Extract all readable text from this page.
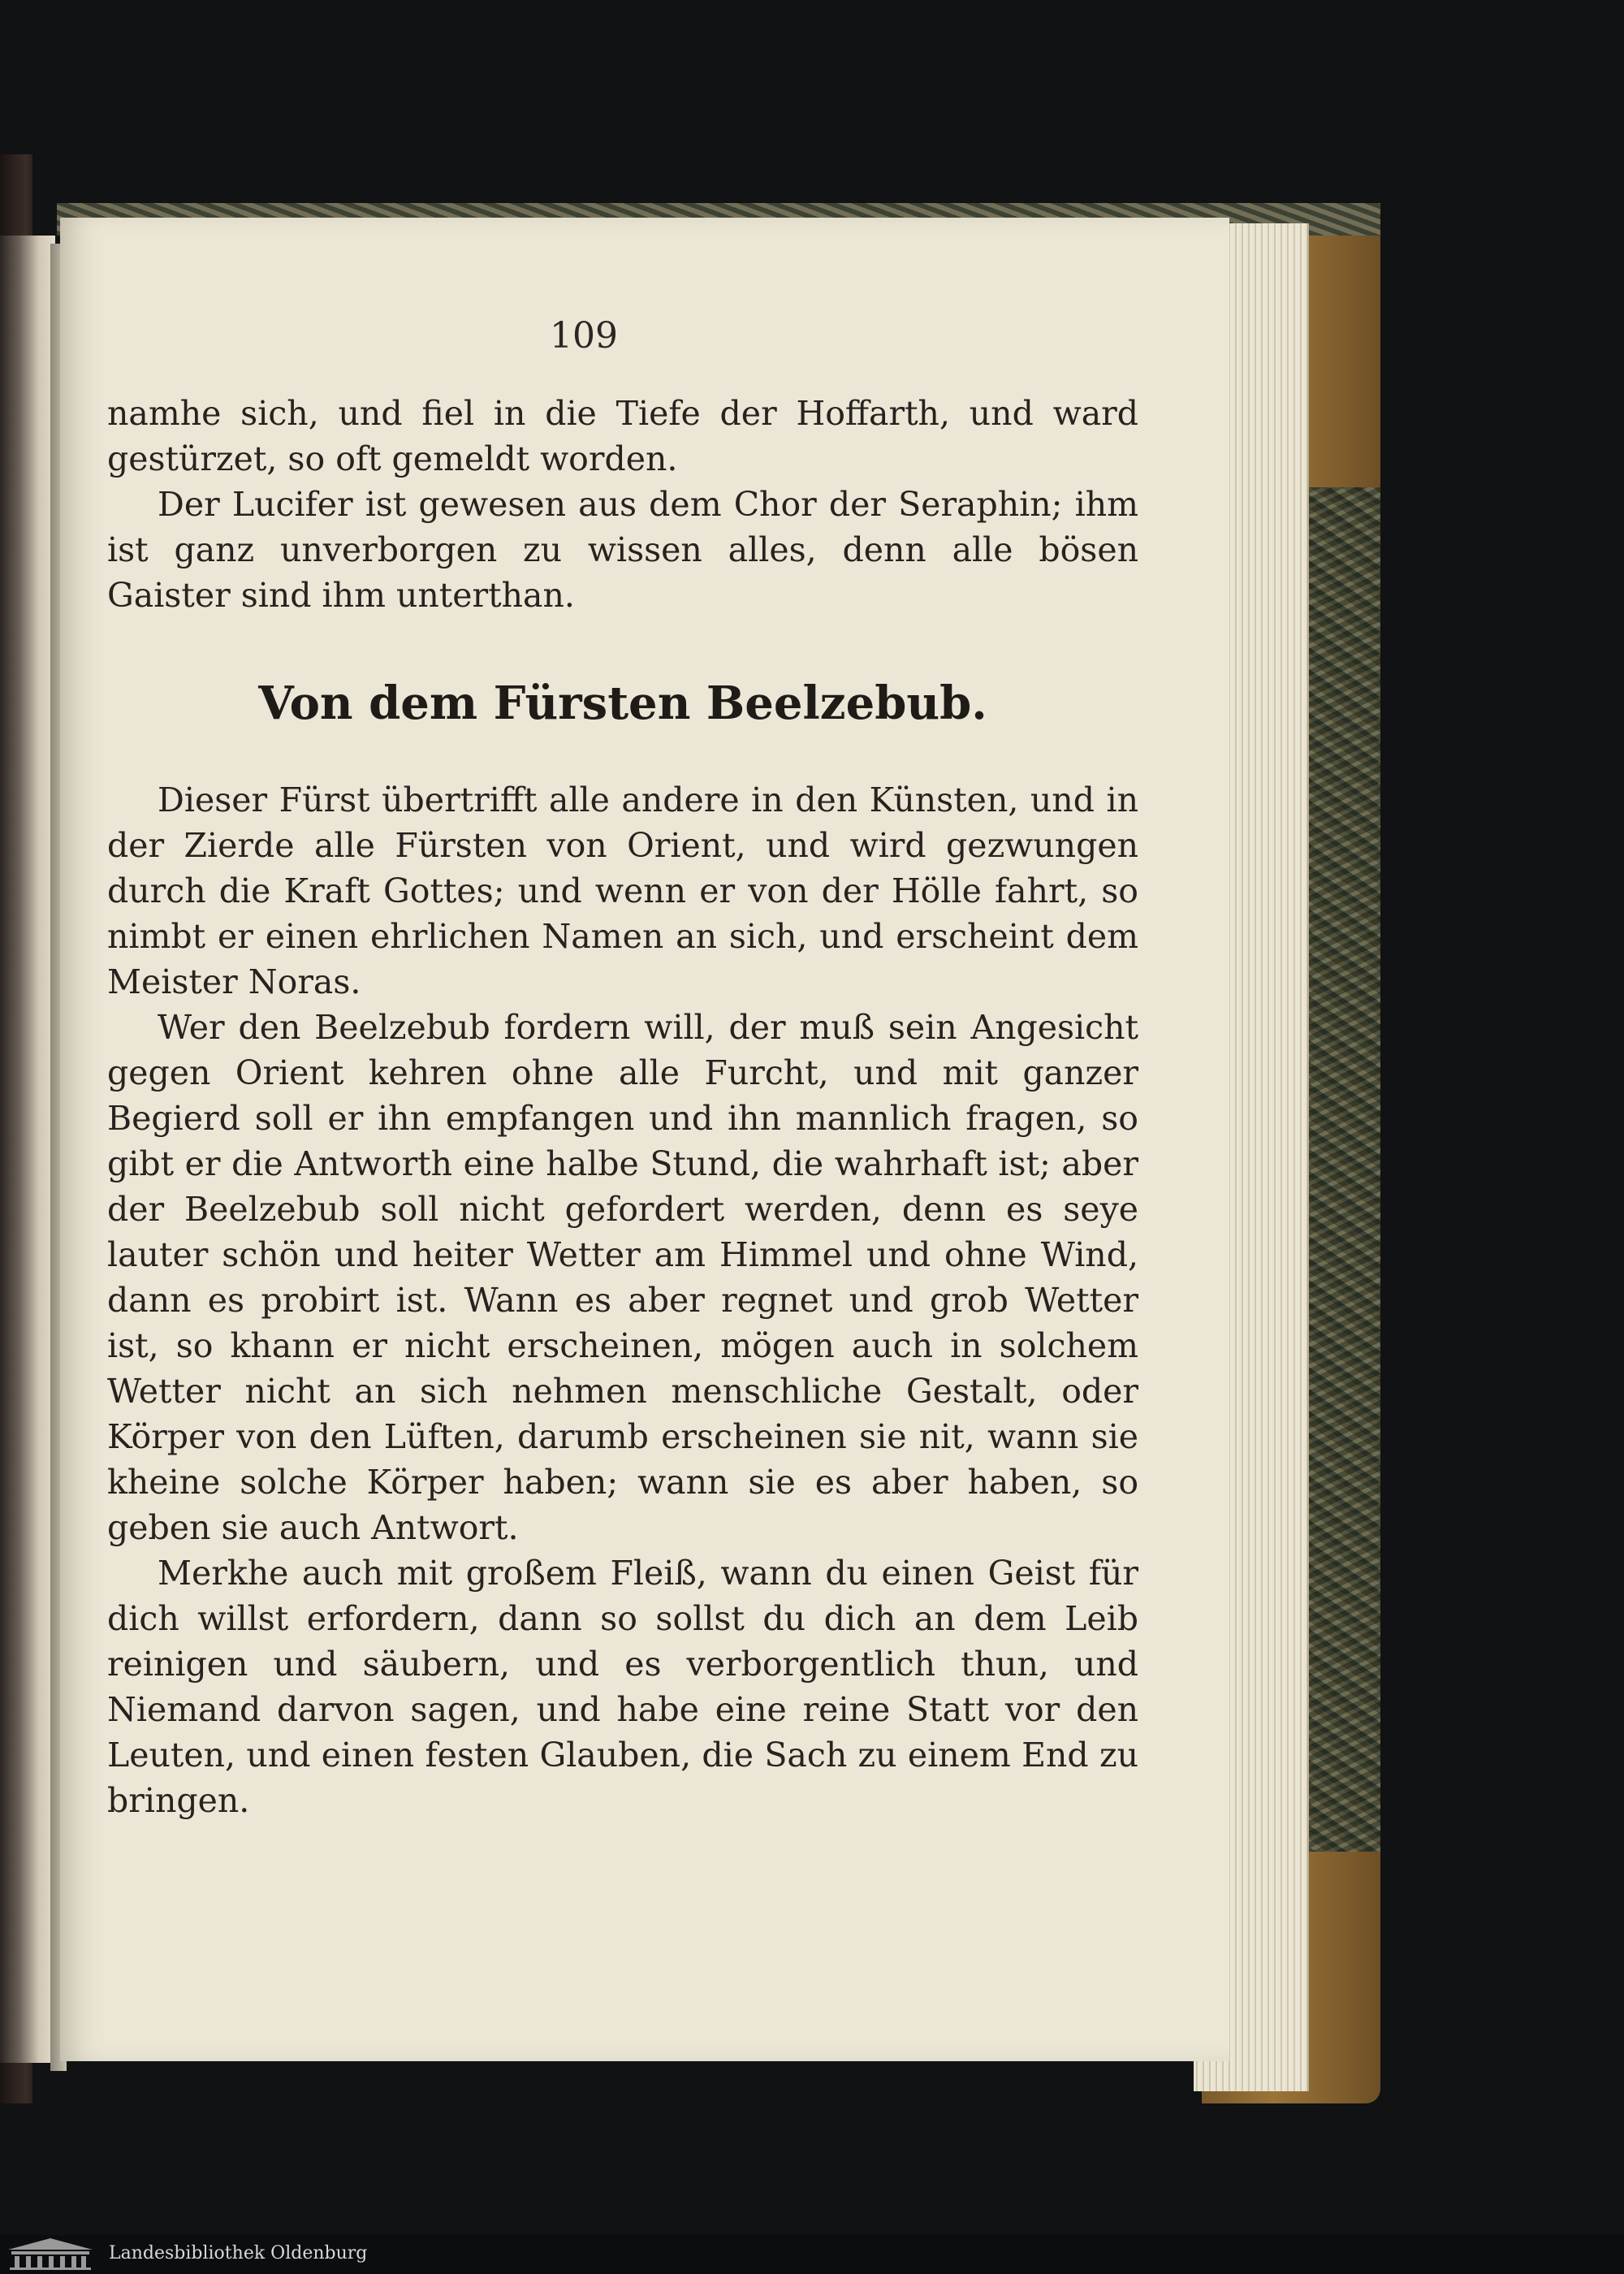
109

namhe sich, und fiel in die Tiefe der Hoffarth, und ward gestürzet, so oft gemeldt worden.

Der Lucifer ist gewesen aus dem Chor der Seraphin; ihm ist ganz unverborgen zu wissen alles, denn alle bösen Gaister sind ihm unterthan.

Von dem Fürsten Beelzebub.

Dieser Fürst übertrifft alle andere in den Künsten, und in der Zierde alle Fürsten von Orient, und wird gezwungen durch die Kraft Gottes; und wenn er von der Hölle fahrt, so nimbt er einen ehrlichen Namen an sich, und erscheint dem Meister Noras.

Wer den Beelzebub fordern will, der muß sein Angesicht gegen Orient kehren ohne alle Furcht, und mit ganzer Begierd soll er ihn empfangen und ihn mannlich fragen, so gibt er die Antworth eine halbe Stund, die wahrhaft ist; aber der Beelzebub soll nicht gefordert werden, denn es seye lauter schön und heiter Wetter am Himmel und ohne Wind, dann es probirt ist. Wann es aber regnet und grob Wetter ist, so khann er nicht erscheinen, mögen auch in solchem Wetter nicht an sich nehmen menschliche Gestalt, oder Körper von den Lüften, darumb erscheinen sie nit, wann sie kheine solche Körper haben; wann sie es aber haben, so geben sie auch Antwort.

Merkhe auch mit großem Fleiß, wann du einen Geist für dich willst erfordern, dann so sollst du dich an dem Leib reinigen und säubern, und es verborgentlich thun, und Niemand darvon sagen, und habe eine reine Statt vor den Leuten, und einen festen Glauben, die Sach zu einem End zu bringen.

Landesbibliothek Oldenburg
